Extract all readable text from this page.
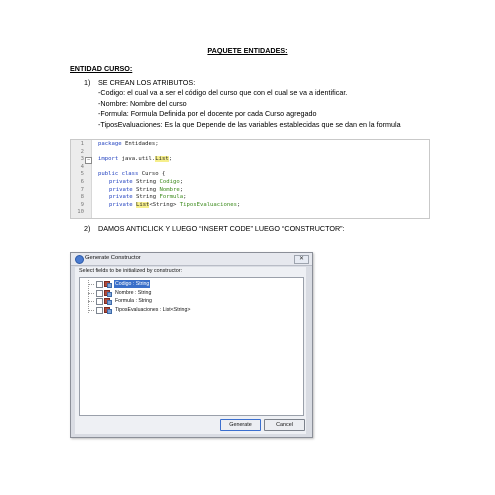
PAQUETE ENTIDADES:
ENTIDAD CURSO:
1) SE CREAN LOS ATRIBUTOS:
-Codigo: el cual va a ser el código del curso que con el cual se va a identificar.
-Nombre: Nombre del curso
-Formula: Formula Definida por el docente por cada Curso agregado
-TiposEvaluaciones: Es la que Depende de las variables establecidas que se dan en la formula
1
2
3
4
5
6
7
8
9
10
−
package Entidades;
import java.util.List;
public class Curso {
private String Codigo;
private String Nombre;
private String Formula;
private List<String> TiposEvaluaciones;
2) DAMOS ANTICLICK Y LUEGO “INSERT CODE” LUEGO “CONSTRUCTOR”:
Generate Constructor	✕
Select fields to be initialized by constructor:
Codigo : String
Nombre : String
Formula : String
TiposEvaluaciones : List<String>
Generate	Cancel
